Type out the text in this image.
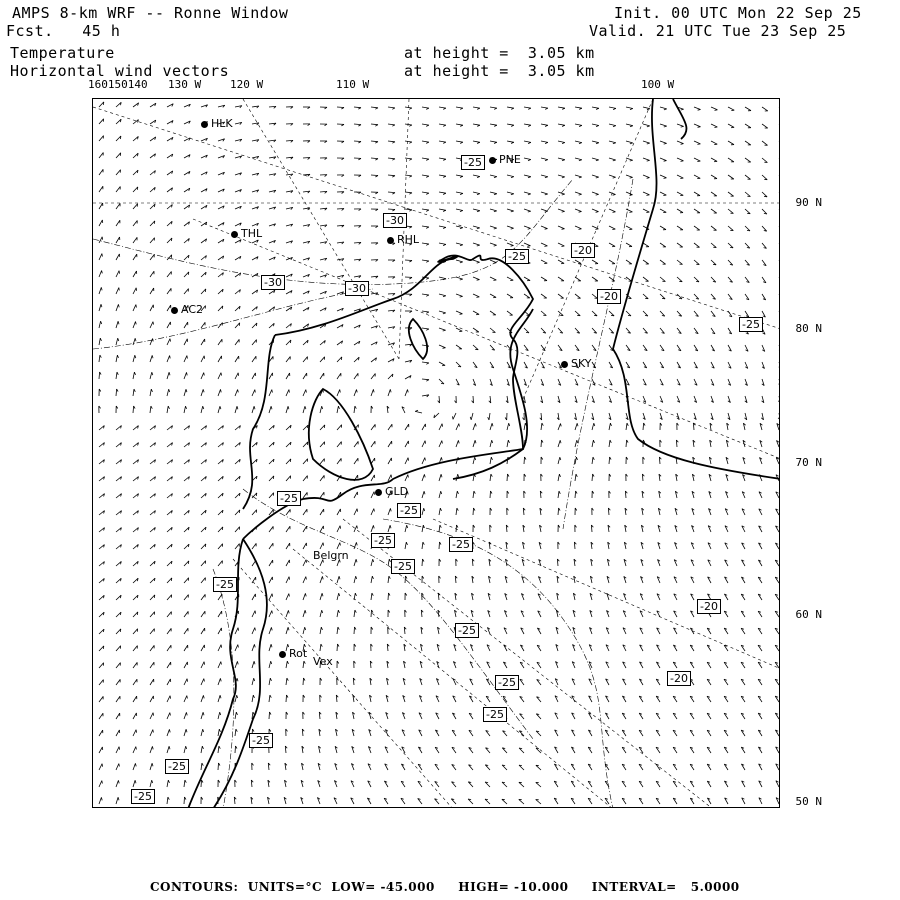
AMPS 8-km WRF -- Ronne Window
Fcst.   45 h
Temperature
Horizontal wind vectors
Init. 00 UTC Mon 22 Sep 25
Valid. 21 UTC Tue 23 Sep 25
at height =  3.05 km
at height =  3.05 km
160150140 130 W	120 W	110 W	100 W
90 N
80 N
70 N
60 N
50 N
HLK
PNE
THL	RHL
AC2
SKY
GLD
Belgrn
Rot
Vex
-25
-30
-30	-30
-25	-20
-20
-25
-25
-25
-25	-25
-25
-25
-25
-25
-25
-20
-20
-25
-25
-25
CONTOURS:  UNITS=°C  LOW= -45.000     HIGH= -10.000     INTERVAL=   5.0000
